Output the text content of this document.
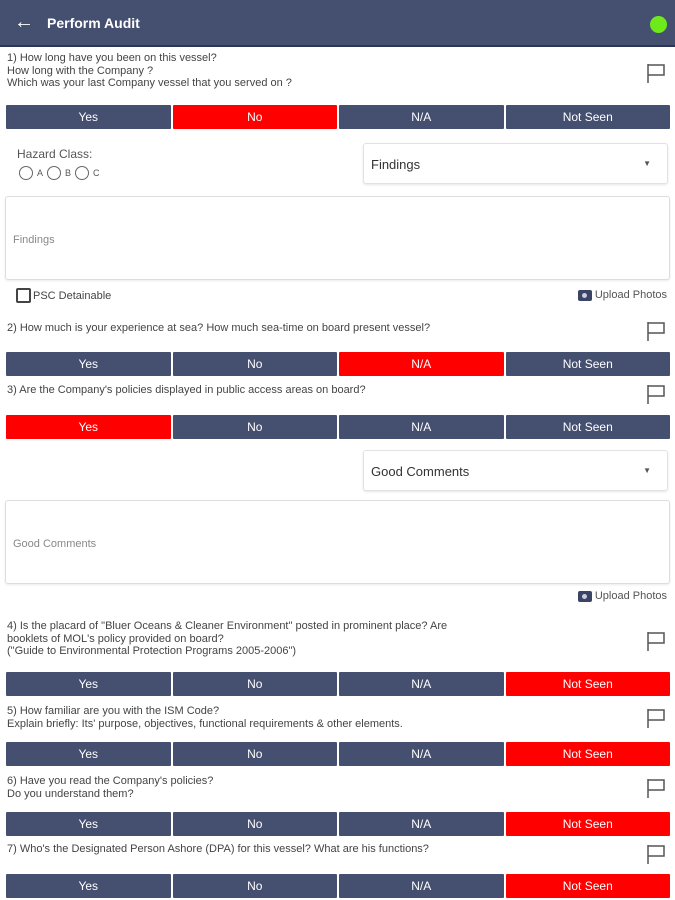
← Perform Audit
1) How long have you been on this vessel?
How long with the Company ?
Which was your last Company vessel that you served on ?
Yes	No	N/A	Not Seen
2) How much is your experience at sea? How much sea-time on board present vessel?
Yes	No	N/A	Not Seen
3) Are the Company's policies displayed in public access areas on board?
Yes	No	N/A	Not Seen
4) Is the placard of "Bluer Oceans & Cleaner Environment" posted in prominent place? Are
booklets of MOL's policy provided on board?
("Guide to Environmental Protection Programs 2005-2006")
Yes	No	N/A	Not Seen
5) How familiar are you with the ISM Code?
Explain briefly: Its' purpose, objectives, functional requirements & other elements.
Yes	No	N/A	Not Seen
6) Have you read the Company's policies?
Do you understand them?
Yes	No	N/A	Not Seen
7) Who's the Designated Person Ashore (DPA) for this vessel? What are his functions?
Yes	No	N/A	Not Seen
Hazard Class:
A B C
Findings	▼
Findings
PSC Detainable	Upload Photos
Good Comments	▼
Good Comments
Upload Photos
